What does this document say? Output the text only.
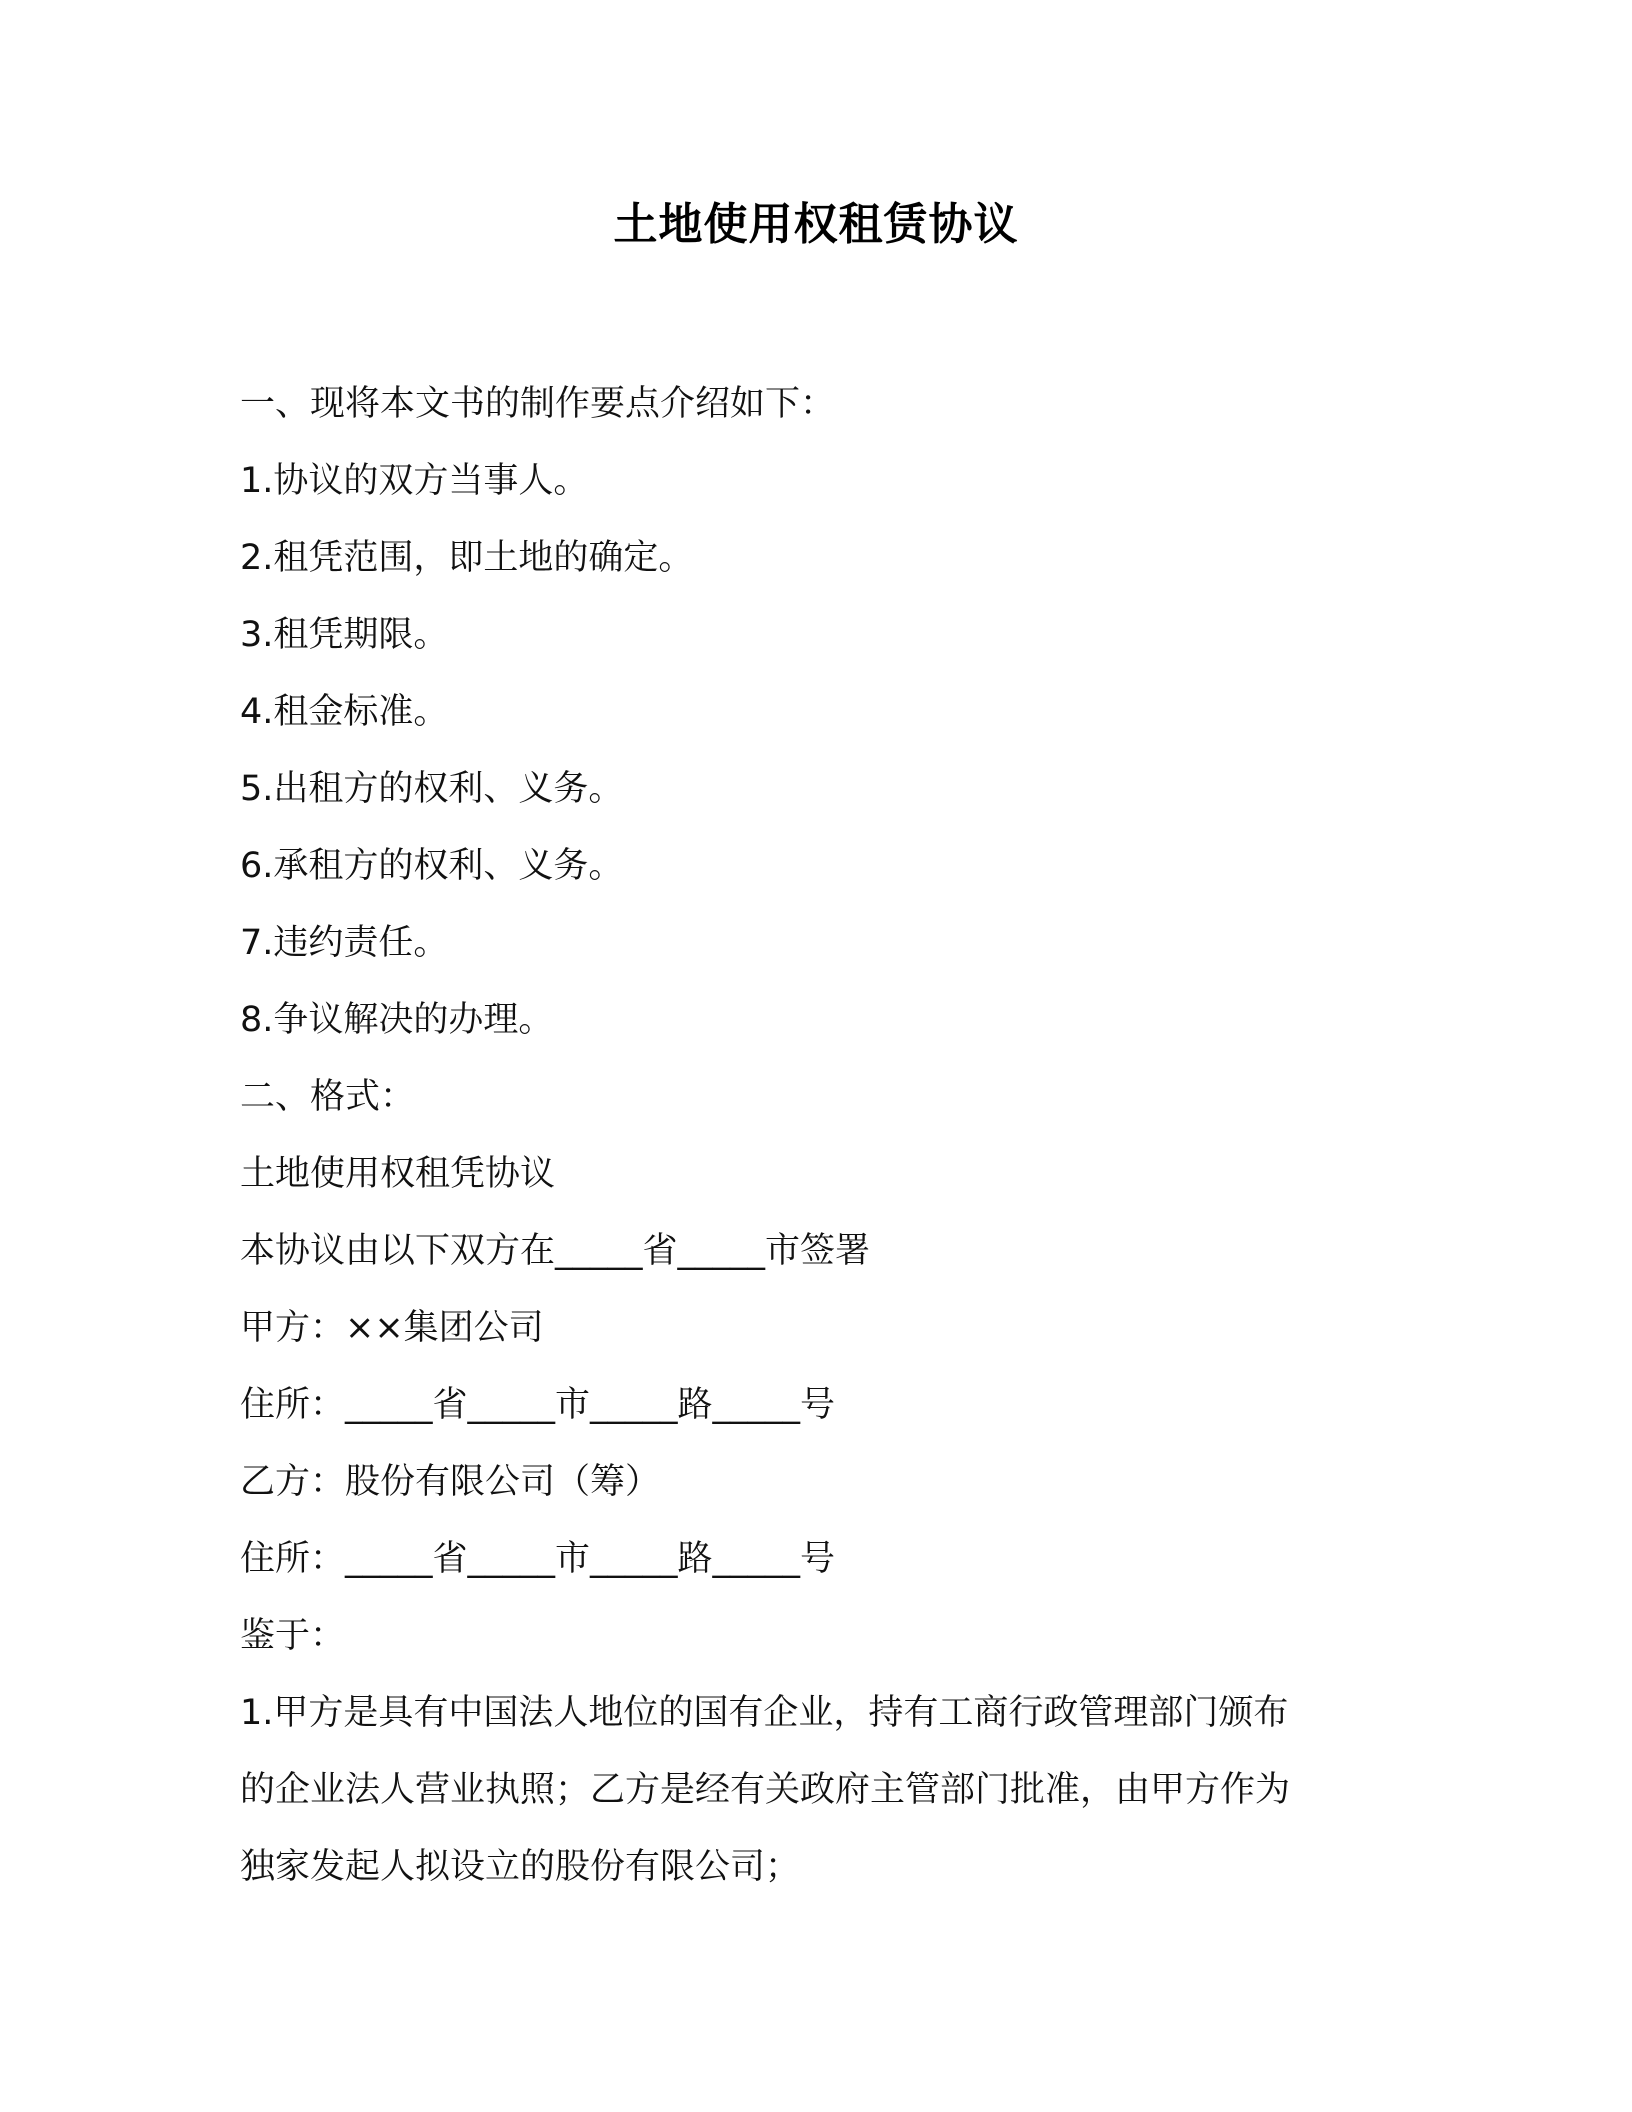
土地使用权租赁协议
一、现将本文书的制作要点介绍如下：
1.协议的双方当事人。
2.租凭范围，即土地的确定。
3.租凭期限。
4.租金标准。
5.出租方的权利、义务。
6.承租方的权利、义务。
7.违约责任。
8.争议解决的办理。
二、格式：
土地使用权租凭协议
本协议由以下双方在_____省_____市签署
甲方：××集团公司
住所：_____省_____市_____路_____号
乙方：股份有限公司（筹）
住所：_____省_____市_____路_____号
鉴于：
1.甲方是具有中国法人地位的国有企业，持有工商行政管理部门颁布
的企业法人营业执照；乙方是经有关政府主管部门批准，由甲方作为
独家发起人拟设立的股份有限公司；
